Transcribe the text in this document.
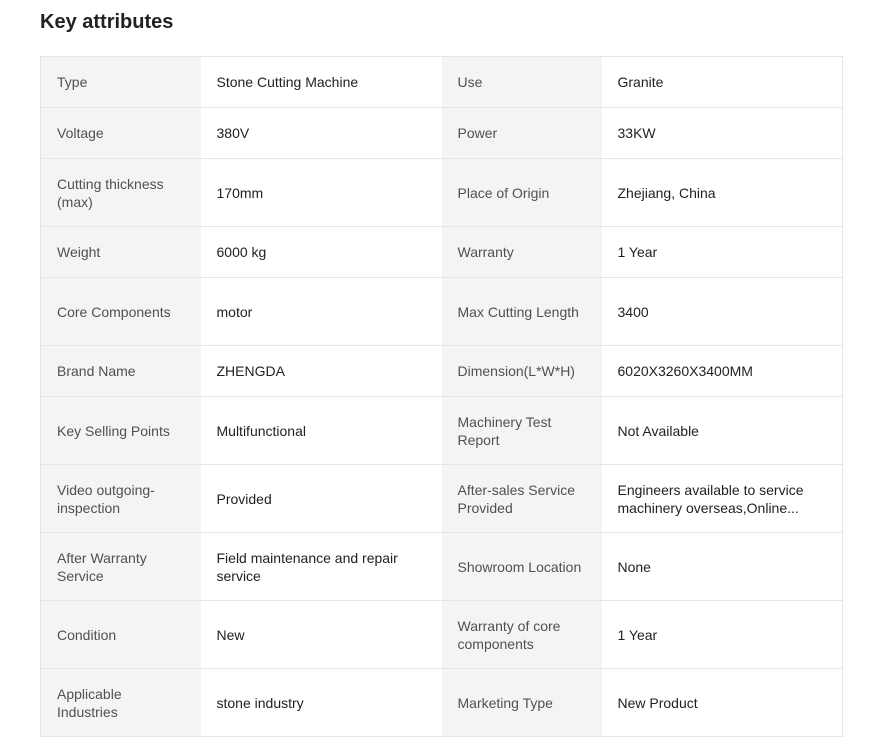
Key attributes
Type	Stone Cutting Machine	Use	Granite
Voltage	380V	Power	33KW
Cutting thickness (max)	170mm	Place of Origin	Zhejiang, China
Weight	6000 kg	Warranty	1 Year
Core Components	motor	Max Cutting Length	3400
Brand Name	ZHENGDA	Dimension(L*W*H)	6020X3260X3400MM
Key Selling Points	Multifunctional	Machinery Test Report	Not Available
Video outgoing-inspection	Provided	After-sales Service Provided	Engineers available to service machinery overseas,Online...
After Warranty Service	Field maintenance and repair service	Showroom Location	None
Condition	New	Warranty of core components	1 Year
Applicable Industries	stone industry	Marketing Type	New Product
